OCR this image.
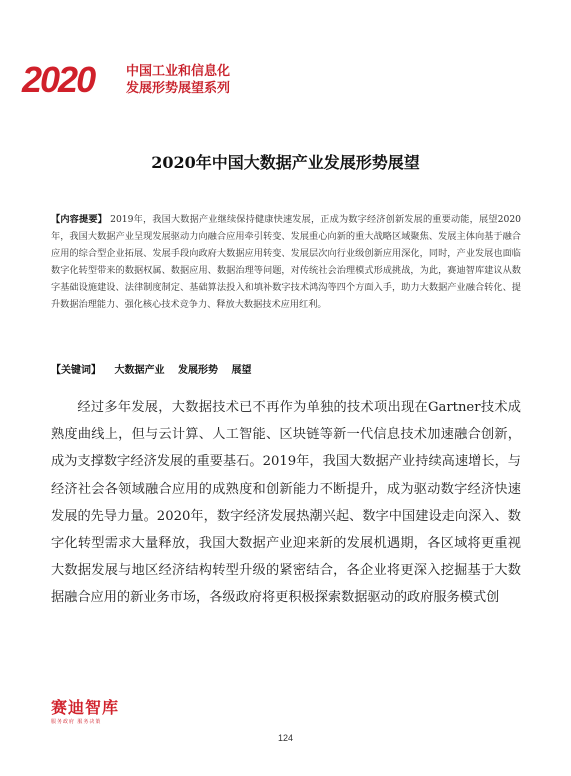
2020 中国工业和信息化
发展形势展望系列
2020年中国大数据产业发展形势展望
【内容提要】 2019年，我国大数据产业继续保持健康快速发展，正成为数字经济创新发展的重要动能，展望2020年，我国大数据产业呈现发展驱动力向融合应用牵引转变、发展重心向新的重大战略区域聚焦、发展主体向基于融合应用的综合型企业拓展、发展手段向政府大数据应用转变、发展层次向行业级创新应用深化，同时，产业发展也面临数字化转型带来的数据权属、数据应用、数据治理等问题，对传统社会治理模式形成挑战，为此，赛迪智库建议从数字基础设施建设、法律制度制定、基础算法投入和填补数字技术鸿沟等四个方面入手，助力大数据产业融合转化、提升数据治理能力、强化核心技术竞争力、释放大数据技术应用红利。
【关键词】 大数据产业 发展形势 展望

经过多年发展，大数据技术已不再作为单独的技术项出现在Gartner技术成熟度曲线上，但与云计算、人工智能、区块链等新一代信息技术加速融合创新，成为支撑数字经济发展的重要基石。2019年，我国大数据产业持续高速增长，与经济社会各领域融合应用的成熟度和创新能力不断提升，成为驱动数字经济快速发展的先导力量。2020年，数字经济发展热潮兴起、数字中国建设走向深入、数字化转型需求大量释放，我国大数据产业迎来新的发展机遇期，各区域将更重视大数据发展与地区经济结构转型升级的紧密结合，各企业将更深入挖掘基于大数据融合应用的新业务市场，各级政府将更积极探索数据驱动的政府服务模式创

赛迪智库
服务政府 服务决策
124
